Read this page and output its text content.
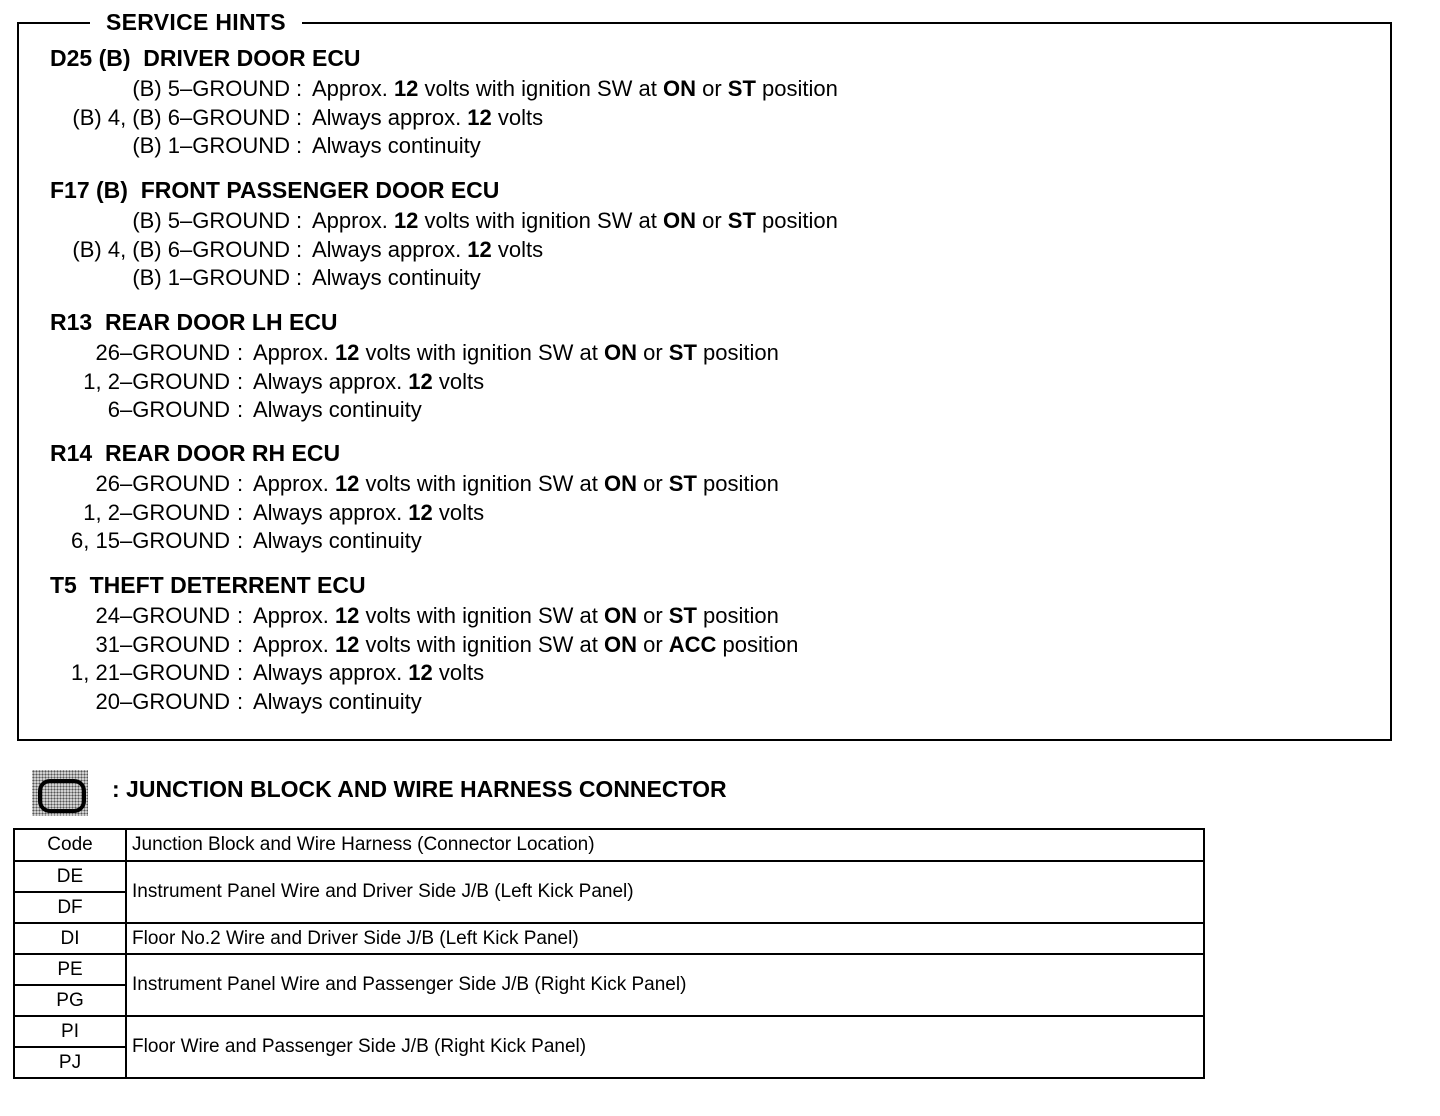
SERVICE HINTS
D25 (B)  DRIVER DOOR ECU
(B) 5–GROUND : Approx. 12 volts with ignition SW at ON or ST position
(B) 4, (B) 6–GROUND : Always approx. 12 volts
(B) 1–GROUND : Always continuity
F17 (B)  FRONT PASSENGER DOOR ECU
(B) 5–GROUND : Approx. 12 volts with ignition SW at ON or ST position
(B) 4, (B) 6–GROUND : Always approx. 12 volts
(B) 1–GROUND : Always continuity
R13  REAR DOOR LH ECU
26–GROUND : Approx. 12 volts with ignition SW at ON or ST position
1, 2–GROUND : Always approx. 12 volts
6–GROUND : Always continuity
R14  REAR DOOR RH ECU
26–GROUND : Approx. 12 volts with ignition SW at ON or ST position
1, 2–GROUND : Always approx. 12 volts
6, 15–GROUND : Always continuity
T5  THEFT DETERRENT ECU
24–GROUND : Approx. 12 volts with ignition SW at ON or ST position
31–GROUND : Approx. 12 volts with ignition SW at ON or ACC position
1, 21–GROUND : Always approx. 12 volts
20–GROUND : Always continuity
: JUNCTION BLOCK AND WIRE HARNESS CONNECTOR
Code	Junction Block and Wire Harness (Connector Location)
DE	Instrument Panel Wire and Driver Side J/B (Left Kick Panel)
DF	
DI	Floor No.2 Wire and Driver Side J/B (Left Kick Panel)
PE	Instrument Panel Wire and Passenger Side J/B (Right Kick Panel)
PG	
PI	Floor Wire and Passenger Side J/B (Right Kick Panel)
PJ	
